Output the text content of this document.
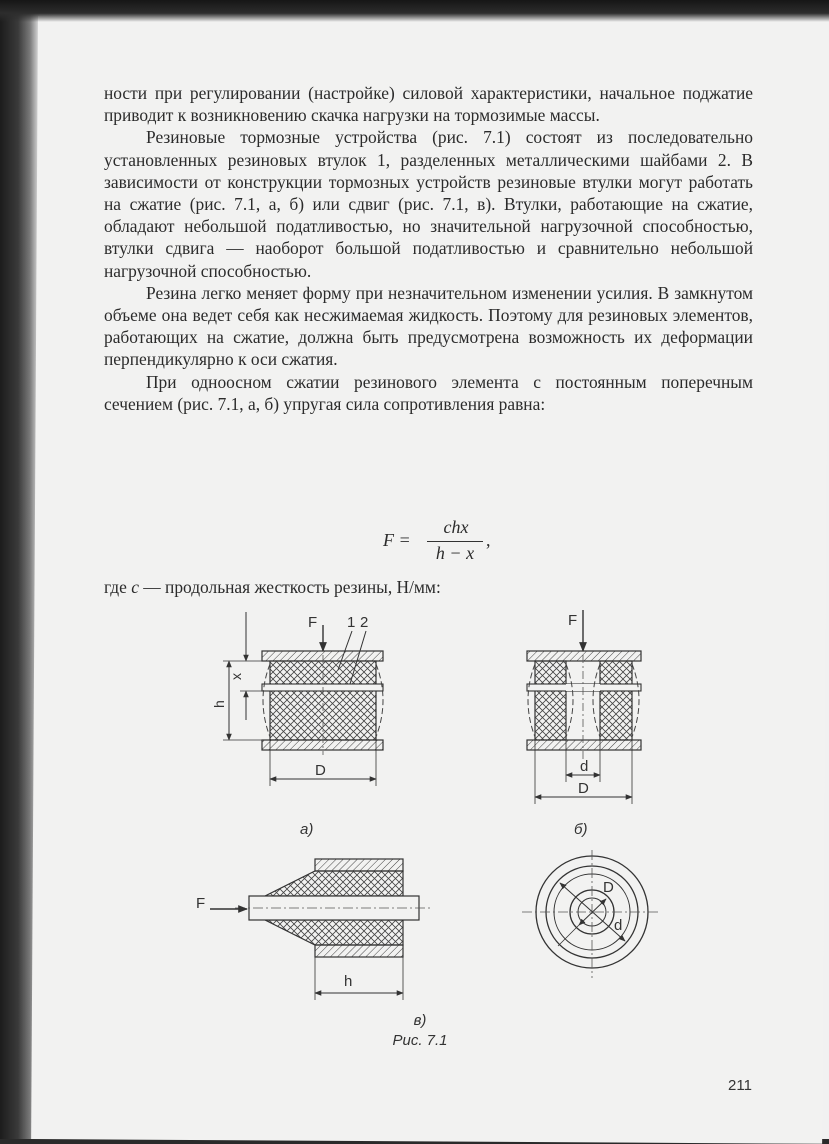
ности при регулировании (настройке) силовой характеристики, начальное поджатие приводит к возникновению скачка нагрузки на тормозимые массы.

Резиновые тормозные устройства (рис. 7.1) состоят из последовательно установленных резиновых втулок 1, разделенных металлическими шайбами 2. В зависимости от конструкции тормозных устройств резиновые втулки могут работать на сжатие (рис. 7.1, а, б) или сдвиг (рис. 7.1, в). Втулки, работающие на сжатие, обладают небольшой податливостью, но значительной нагрузочной способностью, втулки сдвига — наоборот большой податливостью и сравнительно небольшой нагрузочной способностью.

Резина легко меняет форму при незначительном изменении усилия. В замкнутом объеме она ведет себя как несжимаемая жидкость. Поэтому для резиновых элементов, работающих на сжатие, должна быть предусмотрена возможность их деформации перпендикулярно к оси сжатия.

При одноосном сжатии резинового элемента с постоянным поперечным сечением (рис. 7.1, а, б) упругая сила сопротивления равна:

F =
chx
h − x
,
где c — продольная жесткость резины, Н/мм:
F 1 2
x
h
D
а)
F
d
D
б)
F
h
D
d
в)
Рис. 7.1
211
